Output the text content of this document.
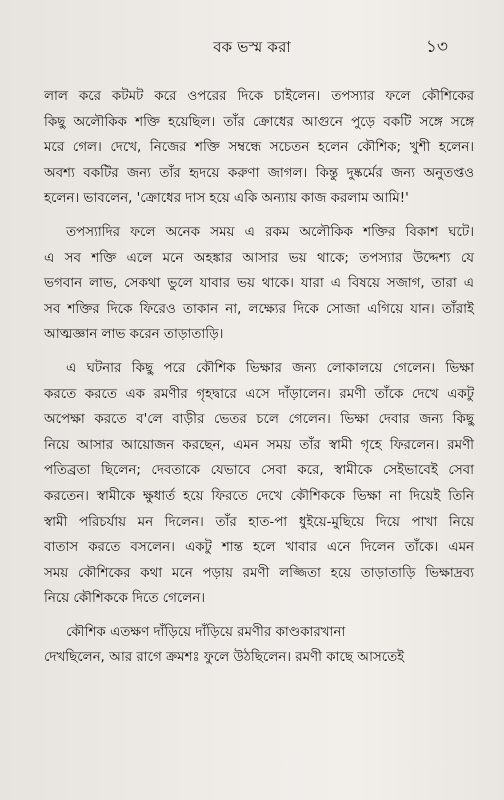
বক ভস্ম করা	১৩
লাল করে কটমট করে ওপরের দিকে চাইলেন। তপস্যার ফলে কৌশিকের
কিছু অলৌকিক শক্তি হয়েছিল। তাঁর ক্রোধের আগুনে পুড়ে বকটি সঙ্গে সঙ্গে
মরে গেল। দেখে, নিজের শক্তি সম্বন্ধে সচেতন হলেন কৌশিক; খুশী হলেন।
অবশ্য বকটির জন্য তাঁর হৃদয়ে করুণা জাগল। কিন্তু দুষ্কর্মের জন্য অনুতপ্তও
হলেন। ভাবলেন, 'ক্রোধের দাস হয়ে একি অন্যায় কাজ করলাম আমি!'
তপস্যাদির ফলে অনেক সময় এ রকম অলৌকিক শক্তির বিকাশ ঘটে।
এ সব শক্তি এলে মনে অহঙ্কার আসার ভয় থাকে; তপস্যার উদ্দেশ্য যে
ভগবান লাভ, সেকথা ভুলে যাবার ভয় থাকে। যারা এ বিষয়ে সজাগ, তারা এ
সব শক্তির দিকে ফিরেও তাকান না, লক্ষ্যের দিকে সোজা এগিয়ে যান। তাঁরাই
আত্মজ্ঞান লাভ করেন তাড়াতাড়ি।
এ ঘটনার কিছু পরে কৌশিক ভিক্ষার জন্য লোকালয়ে গেলেন। ভিক্ষা
করতে করতে এক রমণীর গৃহদ্বারে এসে দাঁড়ালেন। রমণী তাঁকে দেখে একটু
অপেক্ষা করতে ব'লে বাড়ীর ভেতর চলে গেলেন। ভিক্ষা দেবার জন্য কিছু
নিয়ে আসার আয়োজন করছেন, এমন সময় তাঁর স্বামী গৃহে ফিরলেন। রমণী
পতিব্রতা ছিলেন; দেবতাকে যেভাবে সেবা করে, স্বামীকে সেইভাবেই সেবা
করতেন। স্বামীকে ক্ষুধার্ত হয়ে ফিরতে দেখে কৌশিককে ভিক্ষা না দিয়েই তিনি
স্বামী পরিচর্যায় মন দিলেন। তাঁর হাত-পা ধুইয়ে-মুছিয়ে দিয়ে পাখা নিয়ে
বাতাস করতে বসলেন। একটু শান্ত হলে খাবার এনে দিলেন তাঁকে। এমন
সময় কৌশিকের কথা মনে পড়ায় রমণী লজ্জিতা হয়ে তাড়াতাড়ি ভিক্ষাদ্রব্য
নিয়ে কৌশিককে দিতে গেলেন।
কৌশিক এতক্ষণ দাঁড়িয়ে দাঁড়িয়ে রমণীর কাণ্ডকারখানা
দেখছিলেন, আর রাগে ক্রমশঃ ফুলে উঠছিলেন। রমণী কাছে আসতেই
